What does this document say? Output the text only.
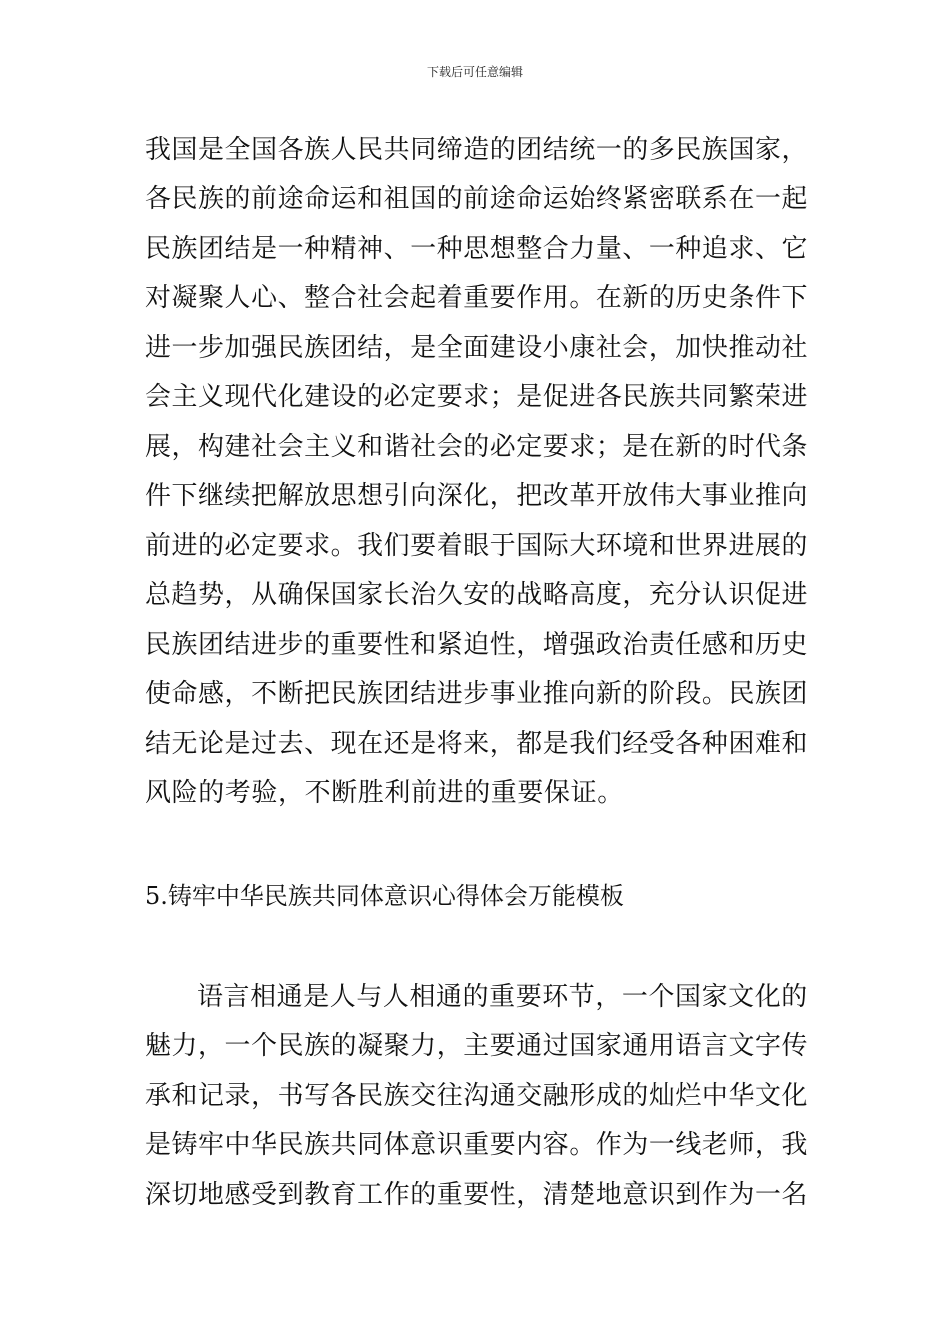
下载后可任意编辑
我国是全国各族人民共同缔造的团结统一的多民族国家，
各民族的前途命运和祖国的前途命运始终紧密联系在一起
民族团结是一种精神、一种思想整合力量、一种追求、它
对凝聚人心、整合社会起着重要作用。在新的历史条件下
进一步加强民族团结，是全面建设小康社会，加快推动社
会主义现代化建设的必定要求；是促进各民族共同繁荣进
展，构建社会主义和谐社会的必定要求；是在新的时代条
件下继续把解放思想引向深化，把改革开放伟大事业推向
前进的必定要求。我们要着眼于国际大环境和世界进展的
总趋势，从确保国家长治久安的战略高度，充分认识促进
民族团结进步的重要性和紧迫性，增强政治责任感和历史
使命感，不断把民族团结进步事业推向新的阶段。民族团
结无论是过去、现在还是将来，都是我们经受各种困难和
风险的考验，不断胜利前进的重要保证。
5.铸牢中华民族共同体意识心得体会万能模板
语言相通是人与人相通的重要环节，一个国家文化的
魅力，一个民族的凝聚力，主要通过国家通用语言文字传
承和记录，书写各民族交往沟通交融形成的灿烂中华文化
是铸牢中华民族共同体意识重要内容。作为一线老师，我
深切地感受到教育工作的重要性，清楚地意识到作为一名
